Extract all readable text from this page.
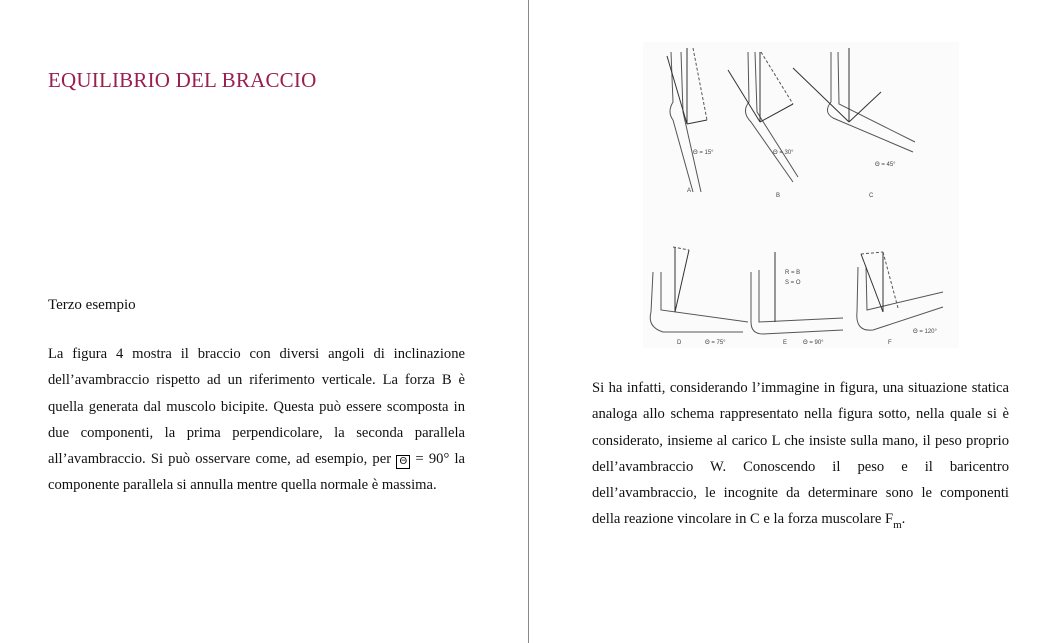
EQUILIBRIO DEL BRACCIO
Terzo esempio
La figura 4 mostra il braccio con diversi angoli di inclinazione dell’avambraccio rispetto ad un riferimento verticale. La forza B è quella generata dal muscolo bicipite. Questa può essere scomposta in due componenti, la prima perpendicolare, la seconda parallela all’avambraccio. Si può osservare come, ad esempio, per Θ = 90° la componente parallela si annulla mentre quella normale è massima.
A
Θ = 15°
B
Θ = 30°
C
Θ = 45°
D	Θ = 75°	E	Θ = 90°
R = B
S = O
F
Θ = 120°
Si ha infatti, considerando l’immagine in figura, una situazione statica analoga allo schema rappresentato nella figura sotto, nella quale si è considerato, insieme al carico L che insiste sulla mano, il peso proprio dell’avambraccio W. Conoscendo il peso e il baricentro dell’avambraccio, le incognite da determinare sono le componenti della reazione vincolare in C e la forza muscolare $F_m$.
